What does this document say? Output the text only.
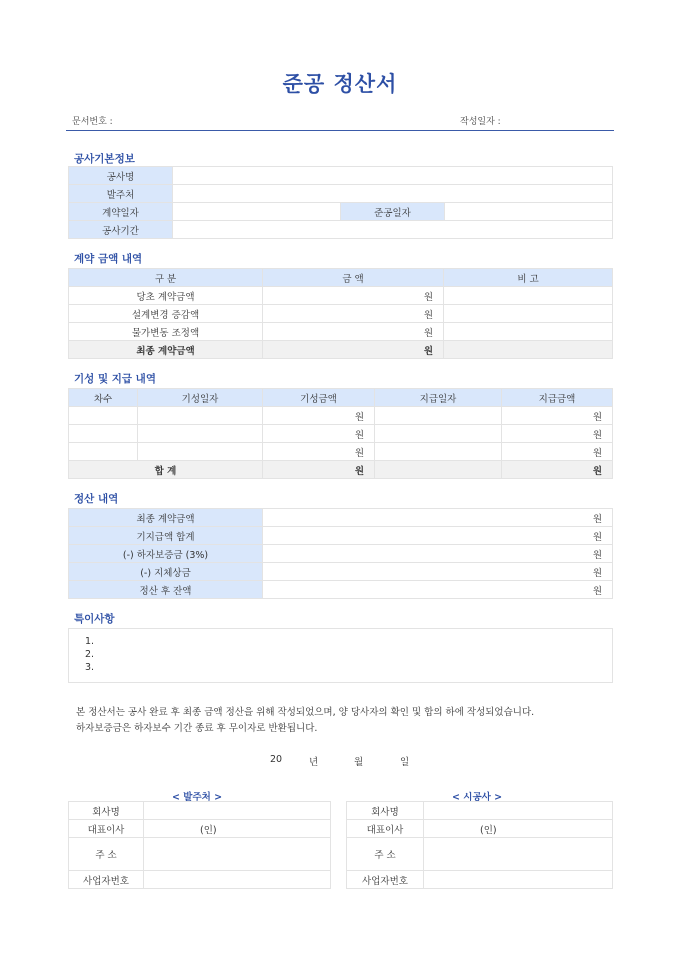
준공 정산서
문서번호 :	작성일자 :
공사기본정보
공사명			
발주처			
계약일자		준공일자	
공사기간			
계약 금액 내역
구 분	금 액	비 고
당초 계약금액	원	
설계변경 증감액	원	
물가변동 조정액	원	
최종 계약금액	원	
기성 및 지급 내역
차수	기성일자	기성금액	지급일자	지급금액
		원		원
		원		원
		원		원
합 계		원		원
정산 내역
최종 계약금액	원
기지급액 합계	원
(-) 하자보증금 (3%)	원
(-) 지체상금	원
정산 후 잔액	원
특이사항
1.
2.
3.
본 정산서는 공사 완료 후 최종 금액 정산을 위해 작성되었으며, 양 당사자의 확인 및 합의 하에 작성되었습니다.
하자보증금은 하자보수 기간 종료 후 무이자로 반환됩니다.
20	년	월	일
< 발주처 >	< 시공사 >
회사명	
대표이사	(인)
주 소	
사업자번호	
회사명	
대표이사	(인)
주 소	
사업자번호	
